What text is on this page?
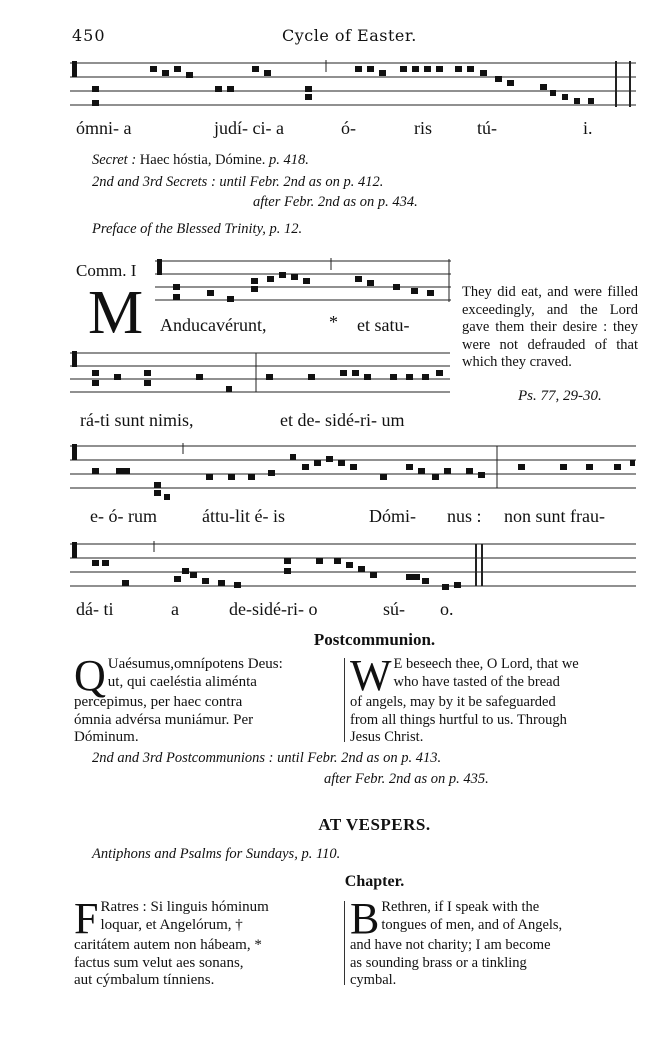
450	Cycle of Easter.
ómni- a	judí- ci- a	ó-	ris	tú-	i.
Secret : Haec hóstia, Dómine. p. 418.
2nd and 3rd Secrets : until Febr. 2nd as on p. 412.
after Febr. 2nd as on p. 434.
Preface of the Blessed Trinity, p. 12.
Comm. I
M Anducavérunt,	* et satu-
They did eat, and were filled exceedingly, and the Lord gave them their desire : they were not defrauded of that which they craved.
Ps. 77, 29-30.
rá-ti sunt nimis,	et de- sidé-ri- um
e- ó- rum	áttu-lit é- is	Dómi- nus : non sunt frau-
dá- ti	a	de-sidé-ri- o	sú- o.
Postcommunion.
Q Uaésumus,omnípotens Deus:
ut, qui caeléstia aliménta
percépimus, per haec contra
ómnia advérsa muniámur. Per
Dóminum.
W E beseech thee, O Lord, that we
who have tasted of the bread
of angels, may by it be safeguarded
from all things hurtful to us. Through
Jesus Christ.
2nd and 3rd Postcommunions : until Febr. 2nd as on p. 413.
after Febr. 2nd as on p. 435.
AT VESPERS.
Antiphons and Psalms for Sundays, p. 110.
Chapter.
F Ratres : Si linguis hóminum
loquar, et Angelórum, †
caritátem autem non hábeam, *
factus sum velut aes sonans,
aut cýmbalum tínniens.
B Rethren, if I speak with the
tongues of men, and of Angels,
and have not charity; I am become
as sounding brass or a tinkling
cymbal.
